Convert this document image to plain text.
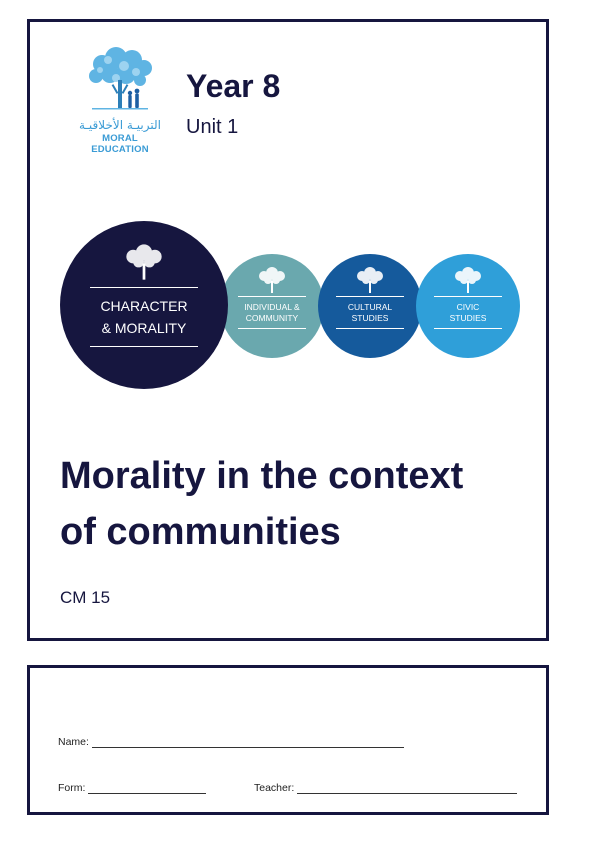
التربيـة الأخلاقيـة
MORAL EDUCATION
Year 8
Unit 1
INDIVIDUAL &
COMMUNITY
CULTURAL
STUDIES
CIVIC
STUDIES
CHARACTER
& MORALITY
Morality in the context
of communities
CM 15
Name:
Form:	Teacher:
